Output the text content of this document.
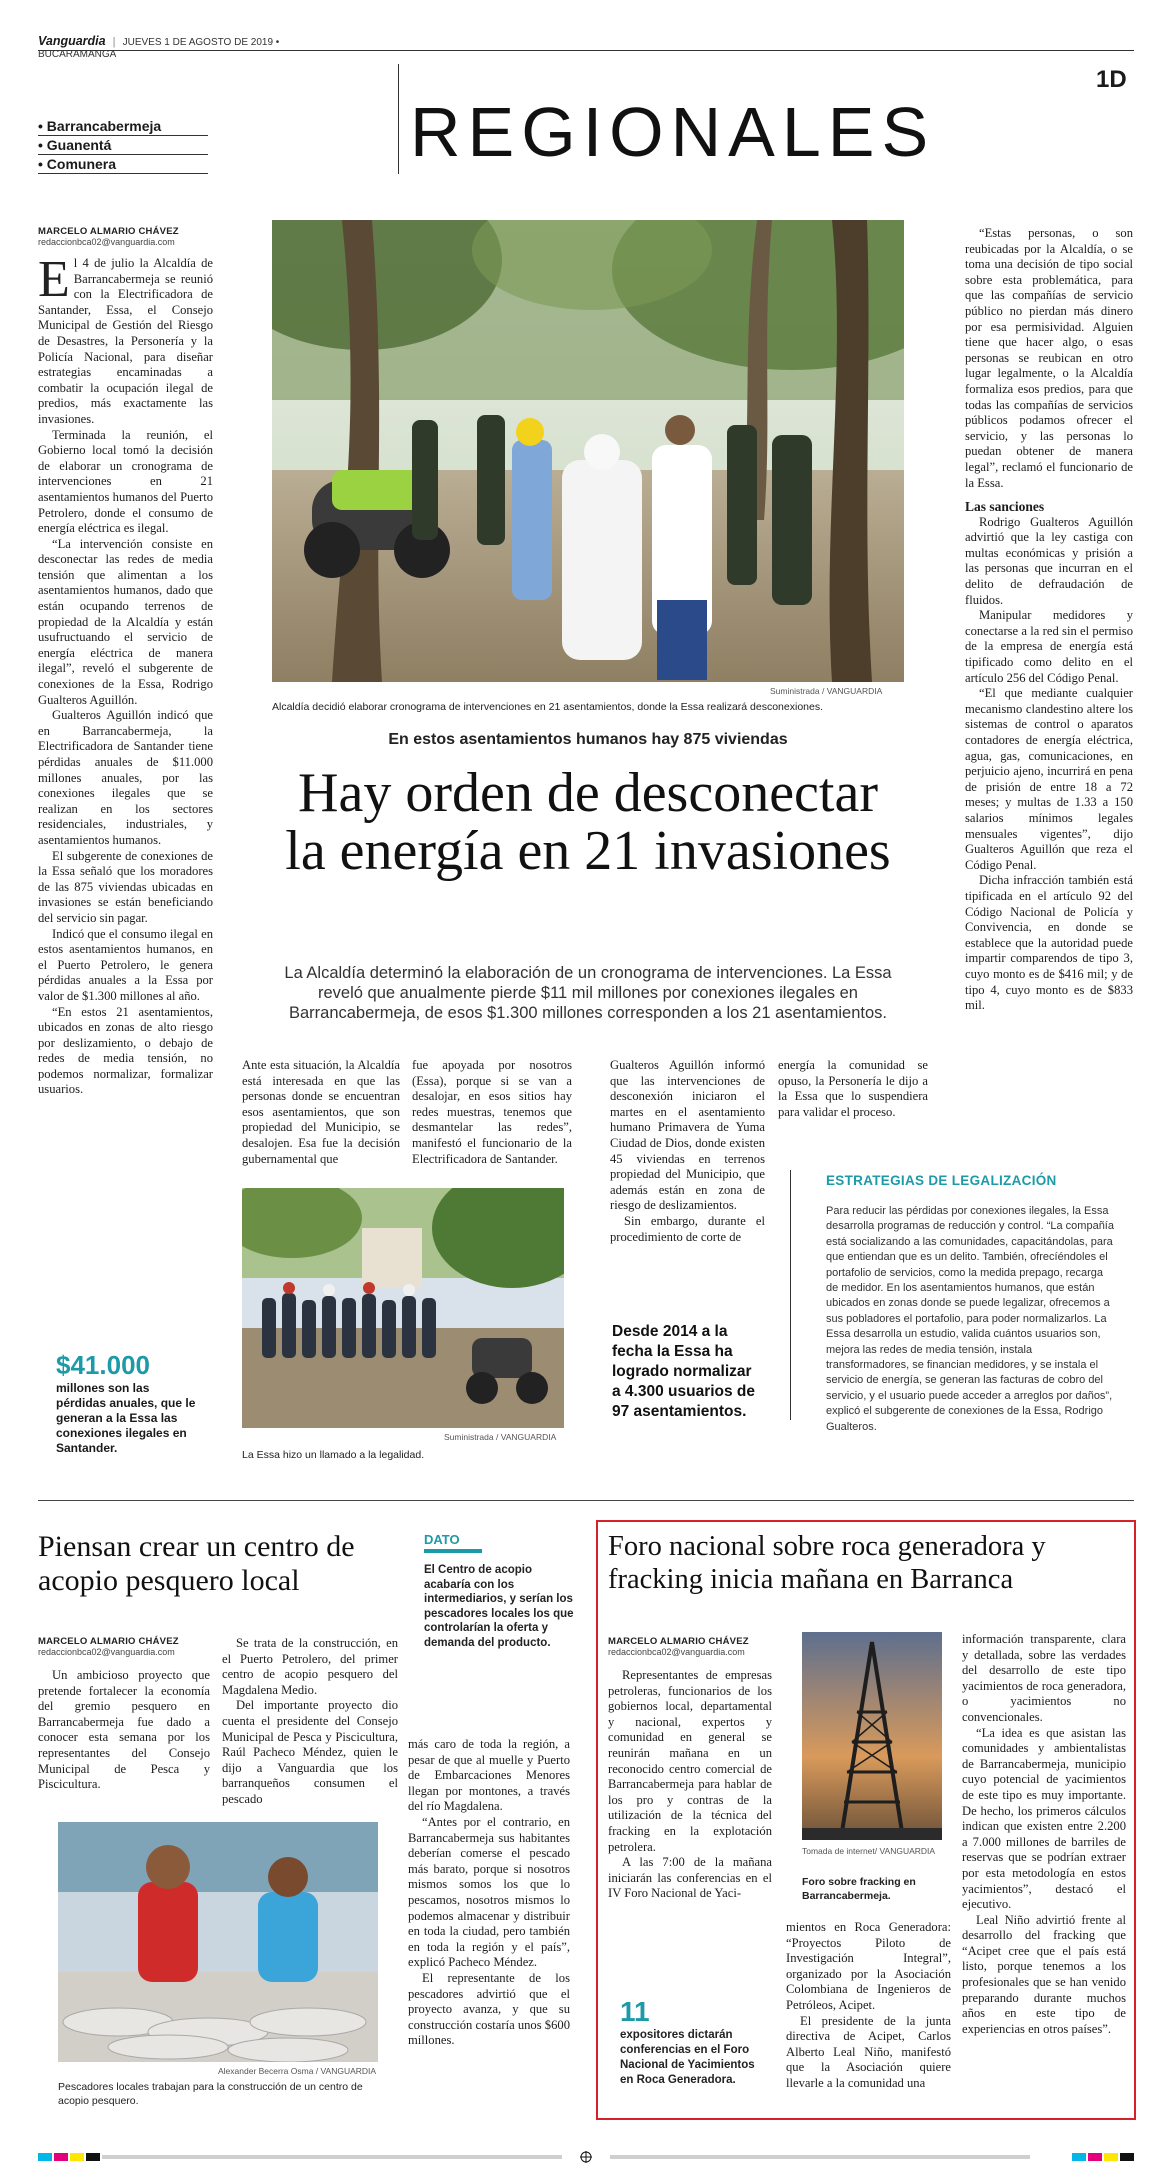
Vanguardia | JUEVES 1 DE AGOSTO DE 2019 • BUCARAMANGA
1D
• Barrancabermeja
• Guanentá
• Comunera	REGIONALES
MARCELO ALMARIO CHÁVEZ
redaccionbca02@vanguardia.com

El 4 de julio la Alcaldía de Barrancabermeja se reunió con la Electrificadora de Santander, Essa, el Consejo Municipal de Gestión del Riesgo de Desastres, la Personería y la Policía Nacional, para diseñar estrategias encaminadas a combatir la ocupación ilegal de predios, más exactamente las invasiones.

Terminada la reunión, el Gobierno local tomó la decisión de elaborar un cronograma de intervenciones en 21 asentamientos humanos del Puerto Petrolero, donde el consumo de energía eléctrica es ilegal.

“La intervención consiste en desconectar las redes de media tensión que alimentan a los asentamientos humanos, dado que están ocupando terrenos de propiedad de la Alcaldía y están usufructuando el servicio de energía eléctrica de manera ilegal”, reveló el subgerente de conexiones de la Essa, Rodrigo Gualteros Aguillón.

Gualteros Aguillón indicó que en Barrancabermeja, la Electrificadora de Santander tiene pérdidas anuales de $11.000 millones anuales, por las conexiones ilegales que se realizan en los sectores residenciales, industriales, y asentamientos humanos.

El subgerente de conexiones de la Essa señaló que los moradores de las 875 viviendas ubicadas en invasiones se están beneficiando del servicio sin pagar.

Indicó que el consumo ilegal en estos asentamientos humanos, en el Puerto Petrolero, le genera pérdidas anuales a la Essa por valor de $1.300 millones al año.

“En estos 21 asentamientos, ubicados en zonas de alto riesgo por deslizamiento, o debajo de redes de media tensión, no podemos normalizar, formalizar usuarios.

$41.000
millones son las pérdidas anuales, que le generan a la Essa las conexiones ilegales en Santander.
Suministrada / VANGUARDIA
Alcaldía decidió elaborar cronograma de intervenciones en 21 asentamientos, donde la Essa realizará desconexiones.
En estos asentamientos humanos hay 875 viviendas
Hay orden de desconectar la energía en 21 invasiones
La Alcaldía determinó la elaboración de un cronograma de intervenciones. La Essa reveló que anualmente pierde $11 mil millones por conexiones ilegales en Barrancabermeja, de esos $1.300 millones corresponden a los 21 asentamientos.

Ante esta situación, la Alcaldía está interesada en que las personas donde se encuentran esos asentamientos, que son propiedad del Municipio, se desalojen. Esa fue la decisión gubernamental que

fue apoyada por nosotros (Essa), porque si se van a desalojar, en esos sitios hay redes muestras, tenemos que desmantelar las redes”, manifestó el funcionario de la Electrificadora de Santander.

Gualteros Aguillón informó que las intervenciones de desconexión iniciaron el martes en el asentamiento humano Primavera de Yuma Ciudad de Dios, donde existen 45 viviendas en terrenos propiedad del Municipio, que además están en zona de riesgo de deslizamientos.

Sin embargo, durante el procedimiento de corte de

energía la comunidad se opuso, la Personería le dijo a la Essa que lo suspendiera para validar el proceso.

Suministrada / VANGUARDIA
La Essa hizo un llamado a la legalidad.
Desde 2014 a la fecha la Essa ha logrado normalizar a 4.300 usuarios de 97 asentamientos.
ESTRATEGIAS DE LEGALIZACIÓN
Para reducir las pérdidas por conexiones ilegales, la Essa desarrolla programas de reducción y control. “La compañía está socializando a las comunidades, capacitándolas, para que entiendan que es un delito. También, ofrecíéndoles el portafolio de servicios, como la medida prepago, recarga de medidor. En los asentamientos humanos, que están ubicados en zonas donde se puede legalizar, ofrecemos a sus pobladores el portafolio, para poder normalizarlos. La Essa desarrolla un estudio, valida cuántos usuarios son, mejora las redes de media tensión, instala transformadores, se financian medidores, y se instala el servicio de energía, se generan las facturas de cobro del servicio, y el usuario puede acceder a arreglos por daños”, explicó el subgerente de conexiones de la Essa, Rodrigo Gualteros.

“Estas personas, o son reubicadas por la Alcaldía, o se toma una decisión de tipo social sobre esta problemática, para que las compañías de servicio público no pierdan más dinero por esa permisividad. Alguien tiene que hacer algo, o esas personas se reubican en otro lugar legalmente, o la Alcaldía formaliza esos predios, para que todas las compañías de servicios públicos podamos ofrecer el servicio, y las personas lo puedan obtener de manera legal”, reclamó el funcionario de la Essa.

Las sanciones

Rodrigo Gualteros Aguillón advirtió que la ley castiga con multas económicas y prisión a las personas que incurran en el delito de defraudación de fluidos.

Manipular medidores y conectarse a la red sin el permiso de la empresa de energía está tipificado como delito en el artículo 256 del Código Penal.

“El que mediante cualquier mecanismo clandestino altere los sistemas de control o aparatos contadores de energía eléctrica, agua, gas, comunicaciones, en perjuicio ajeno, incurrirá en pena de prisión de entre 18 a 72 meses; y multas de 1.33 a 150 salarios mínimos legales mensuales vigentes”, dijo Gualteros Aguillón que reza el Código Penal.

Dicha infracción también está tipificada en el artículo 92 del Código Nacional de Policía y Convivencia, en donde se establece que la autoridad puede impartir comparendos de tipo 3, cuyo monto es de $416 mil; y de tipo 4, cuyo monto es de $833 mil.

Piensan crear un centro de acopio pesquero local
MARCELO ALMARIO CHÁVEZ
redaccionbca02@vanguardia.com

Un ambicioso proyecto que pretende fortalecer la economía del gremio pesquero en Barrancabermeja fue dado a conocer esta semana por los representantes del Consejo Municipal de Pesca y Piscicultura.

Se trata de la construcción, en el Puerto Petrolero, del primer centro de acopio pesquero del Magdalena Medio.

Del importante proyecto dio cuenta el presidente del Consejo Municipal de Pesca y Piscicultura, Raúl Pacheco Méndez, quien le dijo a Vanguardia que los barranqueños consumen el pescado

más caro de toda la región, a pesar de que al muelle y Puerto de Embarcaciones Menores llegan por montones, a través del río Magdalena.

“Antes por el contrario, en Barrancabermeja sus habitantes deberían comerse el pescado más barato, porque si nosotros mismos somos los que lo pescamos, nosotros mismos lo podemos almacenar y distribuir en toda la ciudad, pero también en toda la región y el país”, explicó Pacheco Méndez.

El representante de los pescadores advirtió que el proyecto avanza, y que su construcción costaría unos $600 millones.

DATO
El Centro de acopio acabaría con los intermediarios, y serían los pescadores locales los que controlarían la oferta y demanda del producto.
Alexander Becerra Osma / VANGUARDIA
Pescadores locales trabajan para la construcción de un centro de acopio pesquero.
Foro nacional sobre roca generadora y fracking inicia mañana en Barranca
MARCELO ALMARIO CHÁVEZ
redaccionbca02@vanguardia.com

Representantes de empresas petroleras, funcionarios de los gobiernos local, departamental y nacional, expertos y comunidad en general se reunirán mañana en un reconocido centro comercial de Barrancabermeja para hablar de los pro y contras de la utilización de la técnica del fracking en la explotación petrolera.

A las 7:00 de la mañana iniciarán las conferencias en el IV Foro Nacional de Yaci-

11
expositores dictarán conferencias en el Foro Nacional de Yacimientos en Roca Generadora.
Tomada de internet/ VANGUARDIA
Foro sobre fracking en Barrancabermeja.

mientos en Roca Generadora: “Proyectos Piloto de Investigación Integral”, organizado por la Asociación Colombiana de Ingenieros de Petróleos, Acipet.

El presidente de la junta directiva de Acipet, Carlos Alberto Leal Niño, manifestó que la Asociación quiere llevarle a la comunidad una

información transparente, clara y detallada, sobre las verdades del desarrollo de este tipo yacimientos de roca generadora, o yacimientos no convencionales.

“La idea es que asistan las comunidades y ambientalistas de Barrancabermeja, municipio cuyo potencial de yacimientos de este tipo es muy importante. De hecho, los primeros cálculos indican que existen entre 2.200 a 7.000 millones de barriles de reservas que se podrían extraer por esta metodología en estos yacimientos”, destacó el ejecutivo.

Leal Niño advirtió frente al desarrollo del fracking que “Acipet cree que el país está listo, porque tenemos a los profesionales que se han venido preparando durante muchos años en este tipo de experiencias en otros países”.
